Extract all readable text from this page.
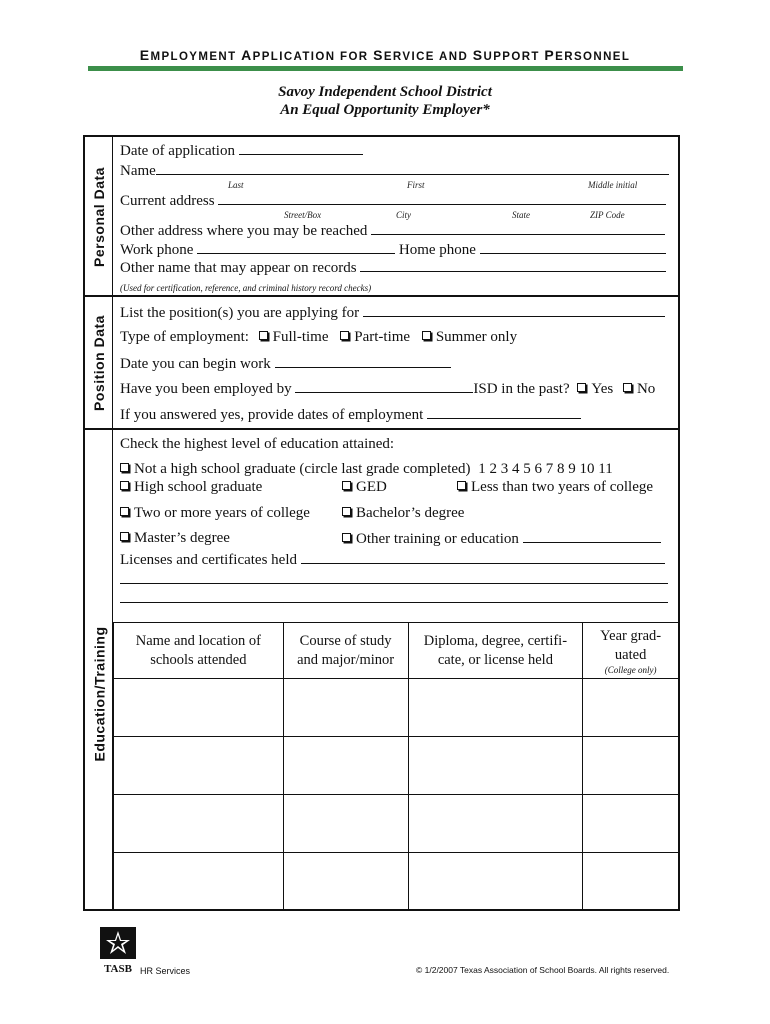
EMPLOYMENT APPLICATION FOR SERVICE AND SUPPORT PERSONNEL
Savoy Independent School District
An Equal Opportunity Employer*
Personal Data
Position Data
Education/Training
Date of application
Name
Last	First	Middle initial
Current address
Street/Box	City	State	ZIP Code
Other address where you may be reached
Work phone	Home phone
Other name that may appear on records
(Used for certification, reference, and criminal history record checks)
List the position(s) you are applying for
Type of employment: Full-time Part-time Summer only
Date you can begin work
Have you been employed by	ISD in the past? Yes No
If you answered yes, provide dates of employment
Check the highest level of education attained:
Not a high school graduate (circle last grade completed) 1 2 3 4 5 6 7 8 9 10 11
High school graduate	GED	Less than two years of college
Two or more years of college	Bachelor’s degree
Master’s degree	Other training or education
Licenses and certificates held
Name and location of schools attended	Course of study and major/minor	Diploma, degree, certifi-cate, or license held	Year grad-uated
(College only)

TASB HR Services	© 1/2/2007 Texas Association of School Boards. All rights reserved.
